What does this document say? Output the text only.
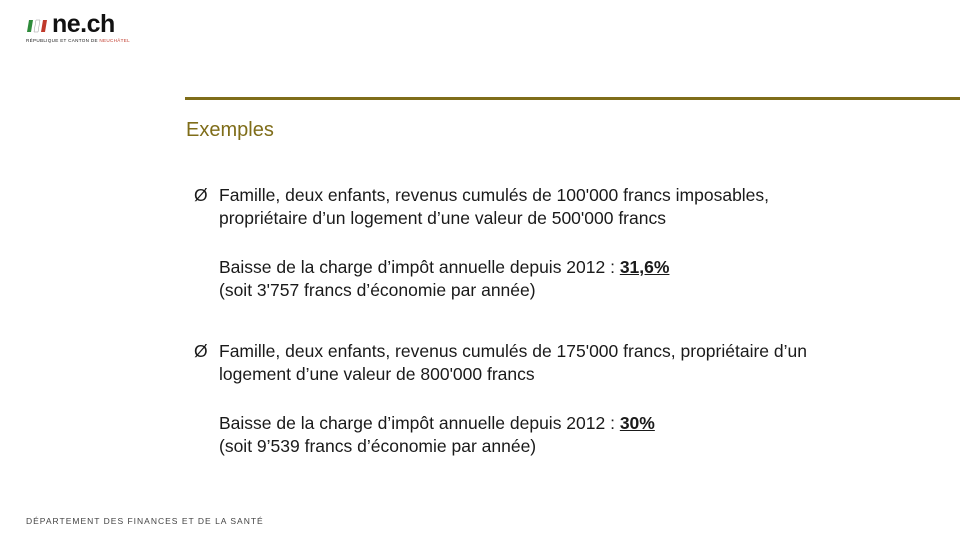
ne.ch
RÉPUBLIQUE ET CANTON DE NEUCHÂTEL
Exemples
Ø Famille, deux enfants, revenus cumulés de 100'000 francs imposables,
propriétaire d’un logement d’une valeur de 500'000 francs
Baisse de la charge d’impôt annuelle depuis 2012 : 31,6%
(soit 3'757 francs d’économie par année)
Ø Famille, deux enfants, revenus cumulés de 175'000 francs, propriétaire d’un
logement d’une valeur de 800'000 francs
Baisse de la charge d’impôt annuelle depuis 2012 : 30%
(soit 9’539 francs d’économie par année)
DÉPARTEMENT DES FINANCES ET DE LA SANTÉ
